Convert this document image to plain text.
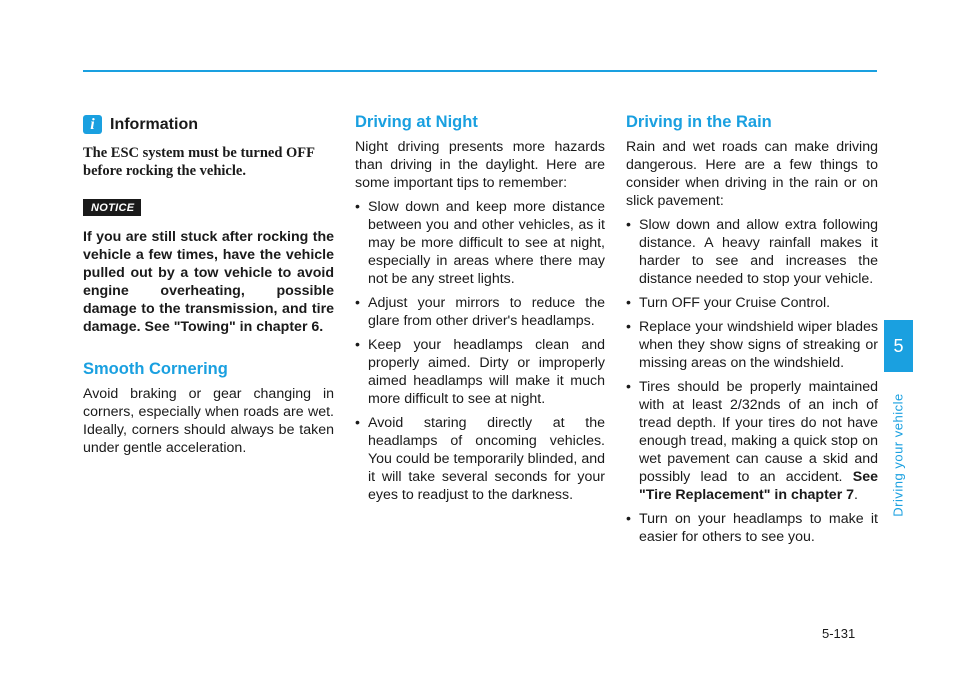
i Information
The ESC system must be turned OFF before rocking the vehicle.
NOTICE
If you are still stuck after rocking the vehicle a few times, have the vehicle pulled out by a tow vehicle to avoid engine overheating, possible damage to the transmission, and tire damage. See "Towing" in chapter 6.
Smooth Cornering

Avoid braking or gear changing in corners, especially when roads are wet. Ideally, corners should always be taken under gentle acceleration.

Driving at Night

Night driving presents more hazards than driving in the daylight. Here are some important tips to remember:

• Slow down and keep more distance between you and other vehicles, as it may be more difficult to see at night, especially in areas where there may not be any street lights.
• Adjust your mirrors to reduce the glare from other driver's headlamps.
• Keep your headlamps clean and properly aimed. Dirty or improperly aimed headlamps will make it much more difficult to see at night.
• Avoid staring directly at the headlamps of oncoming vehicles. You could be temporarily blinded, and it will take several seconds for your eyes to readjust to the darkness.
Driving in the Rain

Rain and wet roads can make driving dangerous. Here are a few things to consider when driving in the rain or on slick pavement:

• Slow down and allow extra following distance. A heavy rainfall makes it harder to see and increases the distance needed to stop your vehicle.
• Turn OFF your Cruise Control.
• Replace your windshield wiper blades when they show signs of streaking or missing areas on the windshield.
• Tires should be properly maintained with at least 2/32nds of an inch of tread depth. If your tires do not have enough tread, making a quick stop on wet pavement can cause a skid and possibly lead to an accident. See "Tire Replacement" in chapter 7.
• Turn on your headlamps to make it easier for others to see you.
5
Driving your vehicle
5-131
